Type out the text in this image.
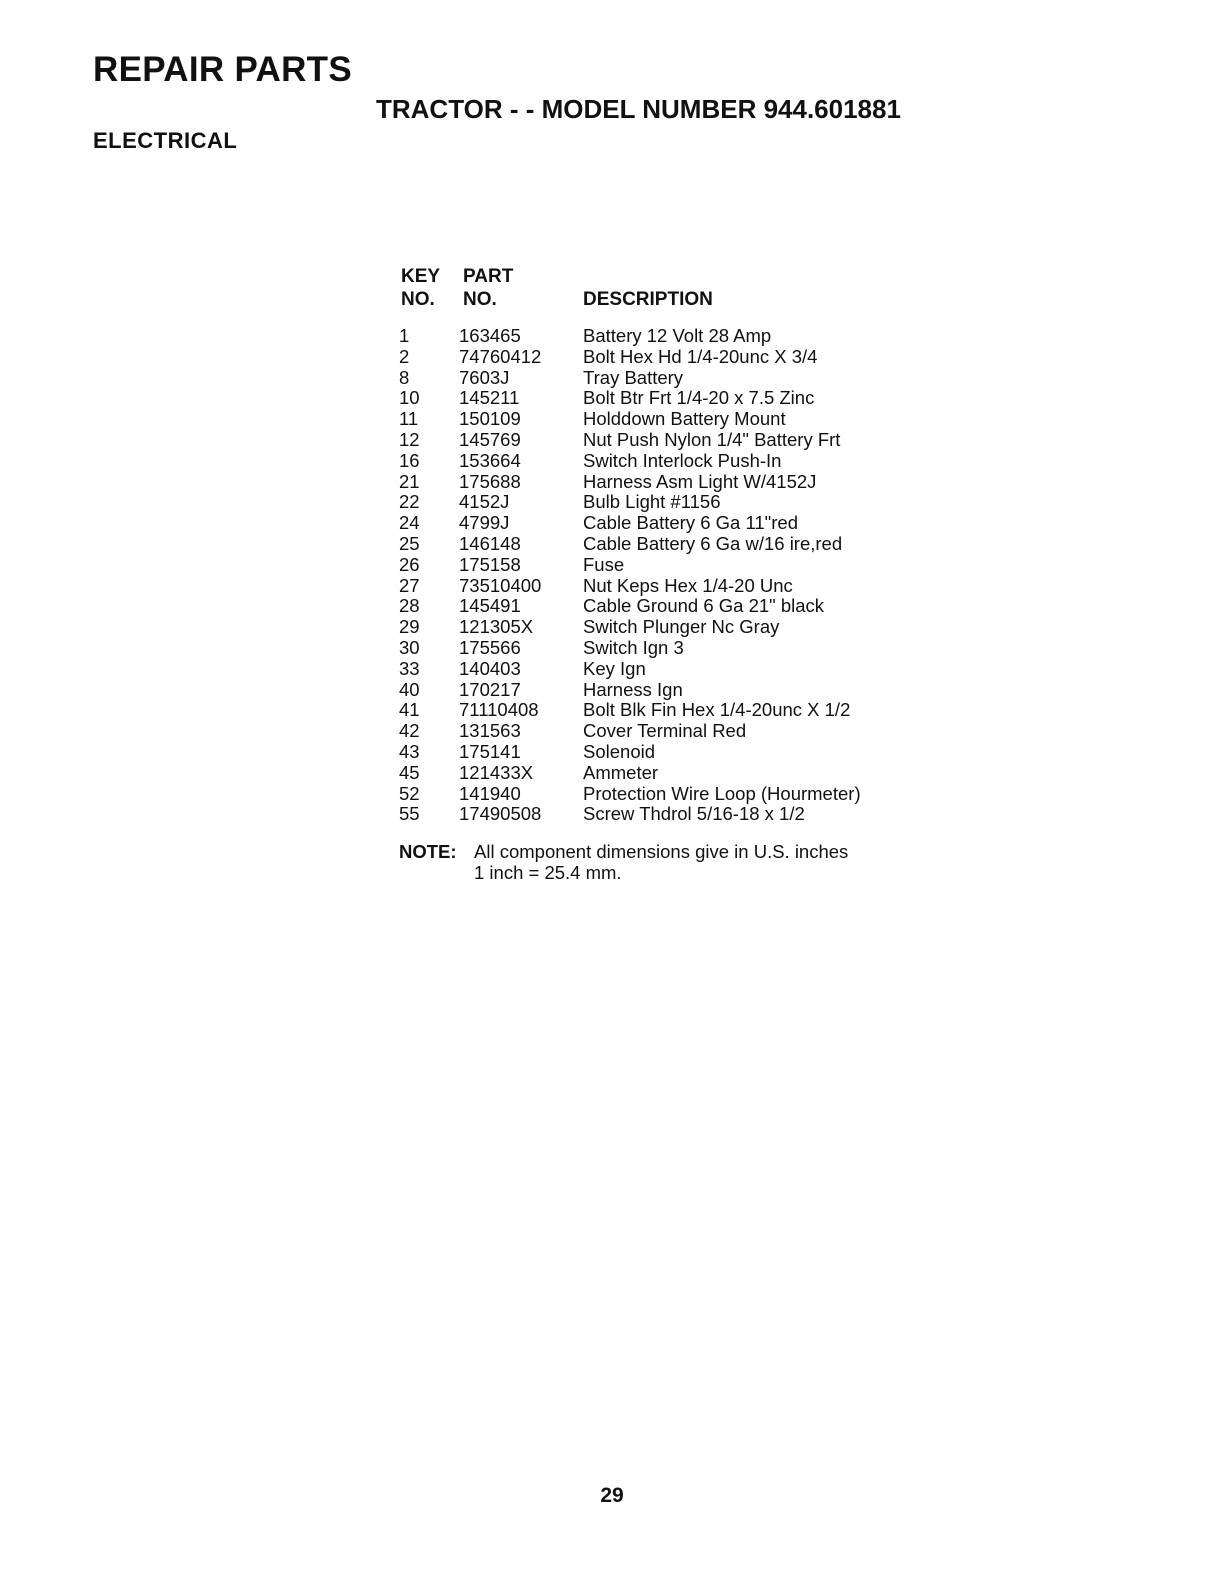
REPAIR PARTS
TRACTOR - - MODEL NUMBER 944.601881
ELECTRICAL
KEY
NO.
PART
NO.	DESCRIPTION
1	163465	Battery 12 Volt 28 Amp
2	74760412 Bolt Hex Hd 1/4-20unc X 3/4
8	7603J	Tray Battery
10 145211	Bolt Btr Frt 1/4-20 x 7.5 Zinc
11 150109	Holddown Battery Mount
12 145769	Nut Push Nylon 1/4" Battery Frt
16 153664	Switch Interlock Push-In
21 175688	Harness Asm Light W/4152J
22 4152J	Bulb Light #1156
24 4799J	Cable Battery 6 Ga 11"red
25 146148	Cable Battery 6 Ga w/16 ire,red
26 175158	Fuse
27 73510400 Nut Keps Hex 1/4-20 Unc
28 145491	Cable Ground 6 Ga 21" black
29 121305X	Switch Plunger Nc Gray
30 175566	Switch Ign 3
33 140403	Key Ign
40 170217	Harness Ign
41 71110408 Bolt Blk Fin Hex 1/4-20unc X 1/2
42 131563	Cover Terminal Red
43 175141	Solenoid
45 121433X	Ammeter
52 141940	Protection Wire Loop (Hourmeter)
55 17490508 Screw Thdrol 5/16-18 x 1/2
NOTE: All component dimensions give in U.S. inches
1 inch = 25.4 mm.
29
